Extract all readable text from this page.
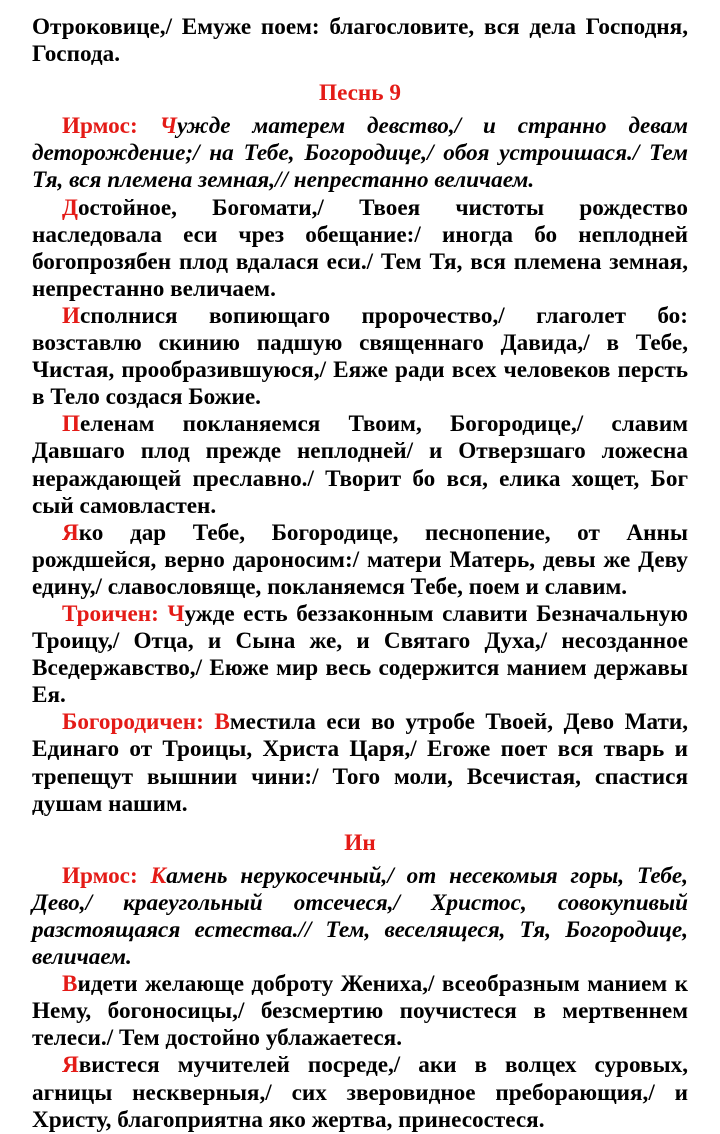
Отроковице,/ Емуже поем: благословите, вся дела Господня, Господа.

Песнь 9

Ирмос: Чужде матерем девство,/ и странно девам деторождение;/ на Тебе, Богородице,/ обоя устроишася./ Тем Тя, вся племена земная,// непрестанно величаем.

Достойное, Богомати,/ Твоея чистоты рождество наследовала еси чрез обещание:/ иногда бо неплодней богопрозябен плод вдалася еси./ Тем Тя, вся племена земная, непрестанно величаем.

Исполнися вопиющаго пророчество,/ глаголет бо: возставлю скинию падшую священнаго Давида,/ в Тебе, Чистая, прообразившуюся,/ Еяже ради всех человеков персть в Тело создася Божие.

Пеленам покланяемся Твоим, Богородице,/ славим Давшаго плод прежде неплодней/ и Отверзшаго ложесна нераждающей преславно./ Творит бо вся, елика хощет, Бог сый самовластен.

Яко дар Тебе, Богородице, песнопение, от Анны рождшейся, верно дароносим:/ матери Матерь, девы же Деву едину,/ славословяще, покланяемся Тебе, поем и славим.

Троичен: Чужде есть беззаконным славити Безначальную Троицу,/ Отца, и Сына же, и Святаго Духа,/ несозданное Вседержавство,/ Еюже мир весь содержится манием державы Ея.

Богородичен: Вместила еси во утробе Твоей, Дево Мати, Единаго от Троицы, Христа Царя,/ Егоже поет вся тварь и трепещут вышнии чини:/ Того моли, Всечистая, спастися душам нашим.

Ин

Ирмос: Камень нерукосечный,/ от несекомыя горы, Тебе, Дево,/ краеугольный отсечеся,/ Христос, совокупивый разстоящаяся естества.// Тем, веселящеся, Тя, Богородице, величаем.

Видети желающе доброту Жениха,/ всеобразным манием к Нему, богоносицы,/ безсмертию поучистеся в мертвеннем телеси./ Тем достойно ублажаетеся.

Явистеся мучителей посреде,/ аки в волцех суровых, агницы нескверныя,/ сих зверовидное преборающия,/ и Христу, благоприятна яко жертва, принесостеся.
